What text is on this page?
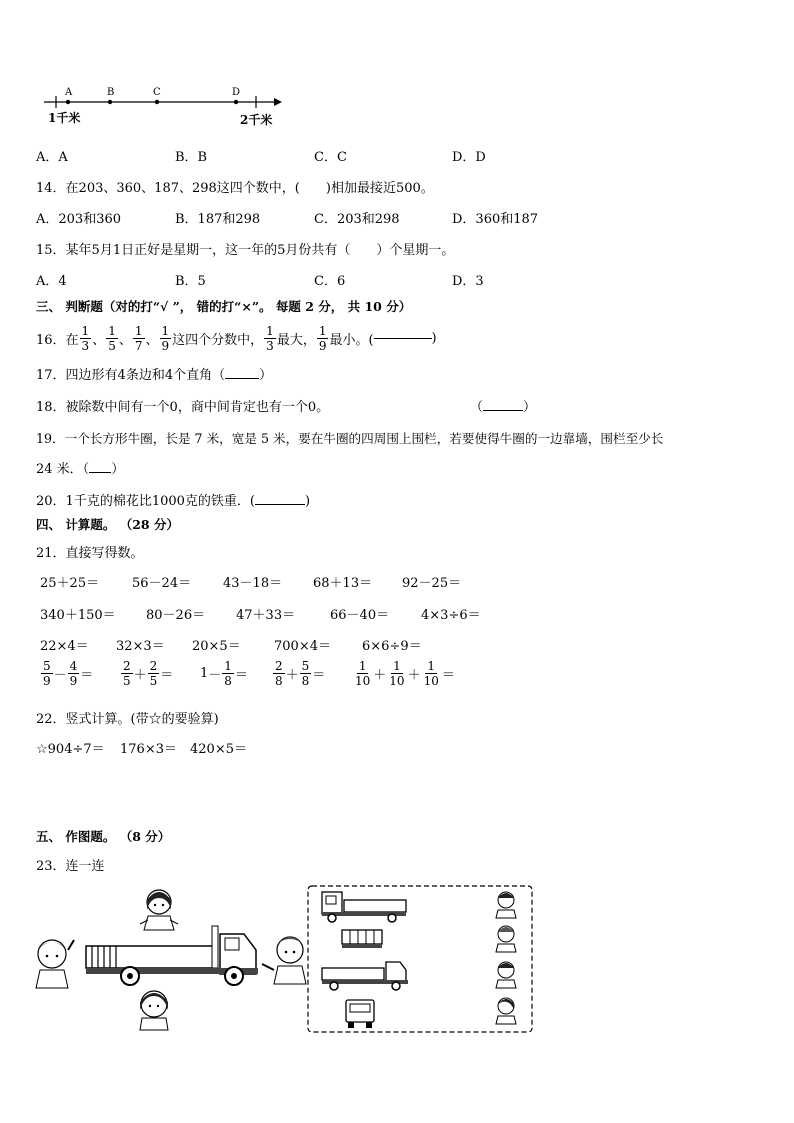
A	B	C	D
1千米	2千米
A．A	B．B	C．C	D．D
14．在203、360、187、298这四个数中，(　　)相加最接近500。
A．203和360	B．187和298	C．203和298	D．360和187
15．某年5月1日正好是星期一，这一年的5月份共有（　　）个星期一。
A．4	B．5	C．6	D．3
三、 判断题（对的打“√ ”， 错的打“×”。 每题 2 分， 共 10 分）
16．在 $\frac{1}{3}$ 、 $\frac{1}{5}$ 、 $\frac{1}{7}$ 、 $\frac{1}{9}$ 这四个分数中， $\frac{1}{3}$ 最大， $\frac{1}{9}$ 最小。(	)
17．四边形有4条边和4个直角（	）
18．被除数中间有一个0，商中间肯定也有一个0。	（	）
19．一个长方形牛圈，长是 7 米，宽是 5 米，要在牛圈的四周围上围栏，若要使得牛圈的一边靠墙，围栏至少长
24 米．（ ）
20．1千克的棉花比1000克的铁重．(	)
四、 计算题。 （28 分）
21．直接写得数。
25＋25＝	56－24＝ 43－18＝ 68＋13＝ 92－25＝
340＋150＝ 80－26＝ 47＋33＝	66－40＝ 4×3÷6＝
22×4＝ 32×3＝ 20×5＝	700×4＝ 6×6÷9＝
$\frac{5}{9} - \frac{4}{9} = \frac{2}{5} + \frac{2}{5} = 1 - \frac{1}{8} = \frac{2}{8} + \frac{5}{8} = \frac{1}{10} + \frac{1}{10} + \frac{1}{10}$ ＝
22．竖式计算。(带☆的要验算)
☆904÷7＝ 176×3＝ 420×5＝
五、 作图题。 （8 分）
23．连一连
